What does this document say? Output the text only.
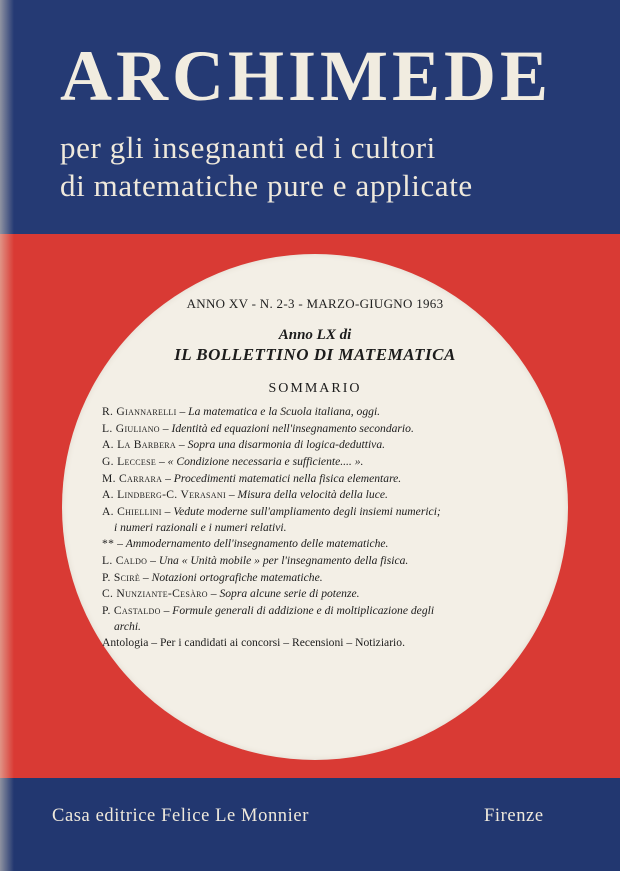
ARCHIMEDE

per gli insegnanti ed i cultori

di matematiche pure e applicate

ANNO XV - N. 2-3 - MARZO-GIUGNO 1963
Anno LX di
IL BOLLETTINO DI MATEMATICA
SOMMARIO
R. Giannarelli – La matematica e la Scuola italiana, oggi.
L. Giuliano – Identità ed equazioni nell'insegnamento secondario.
A. La Barbera – Sopra una disarmonia di logica-deduttiva.
G. Leccese – « Condizione necessaria e sufficiente.... ».
M. Carrara – Procedimenti matematici nella fisica elementare.
A. Lindberg-C. Verasani – Misura della velocità della luce.
A. Chiellini – Vedute moderne sull'ampliamento degli insiemi numerici;
i numeri razionali e i numeri relativi.
** – Ammodernamento dell'insegnamento delle matematiche.
L. Caldo – Una « Unità mobile » per l'insegnamento della fisica.
P. Scirè – Notazioni ortografiche matematiche.
C. Nunziante-Cesàro – Sopra alcune serie di potenze.
P. Castaldo – Formule generali di addizione e di moltiplicazione degli
archi.
Antologia – Per i candidati ai concorsi – Recensioni – Notiziario.
Casa editrice Felice Le Monnier	Firenze
